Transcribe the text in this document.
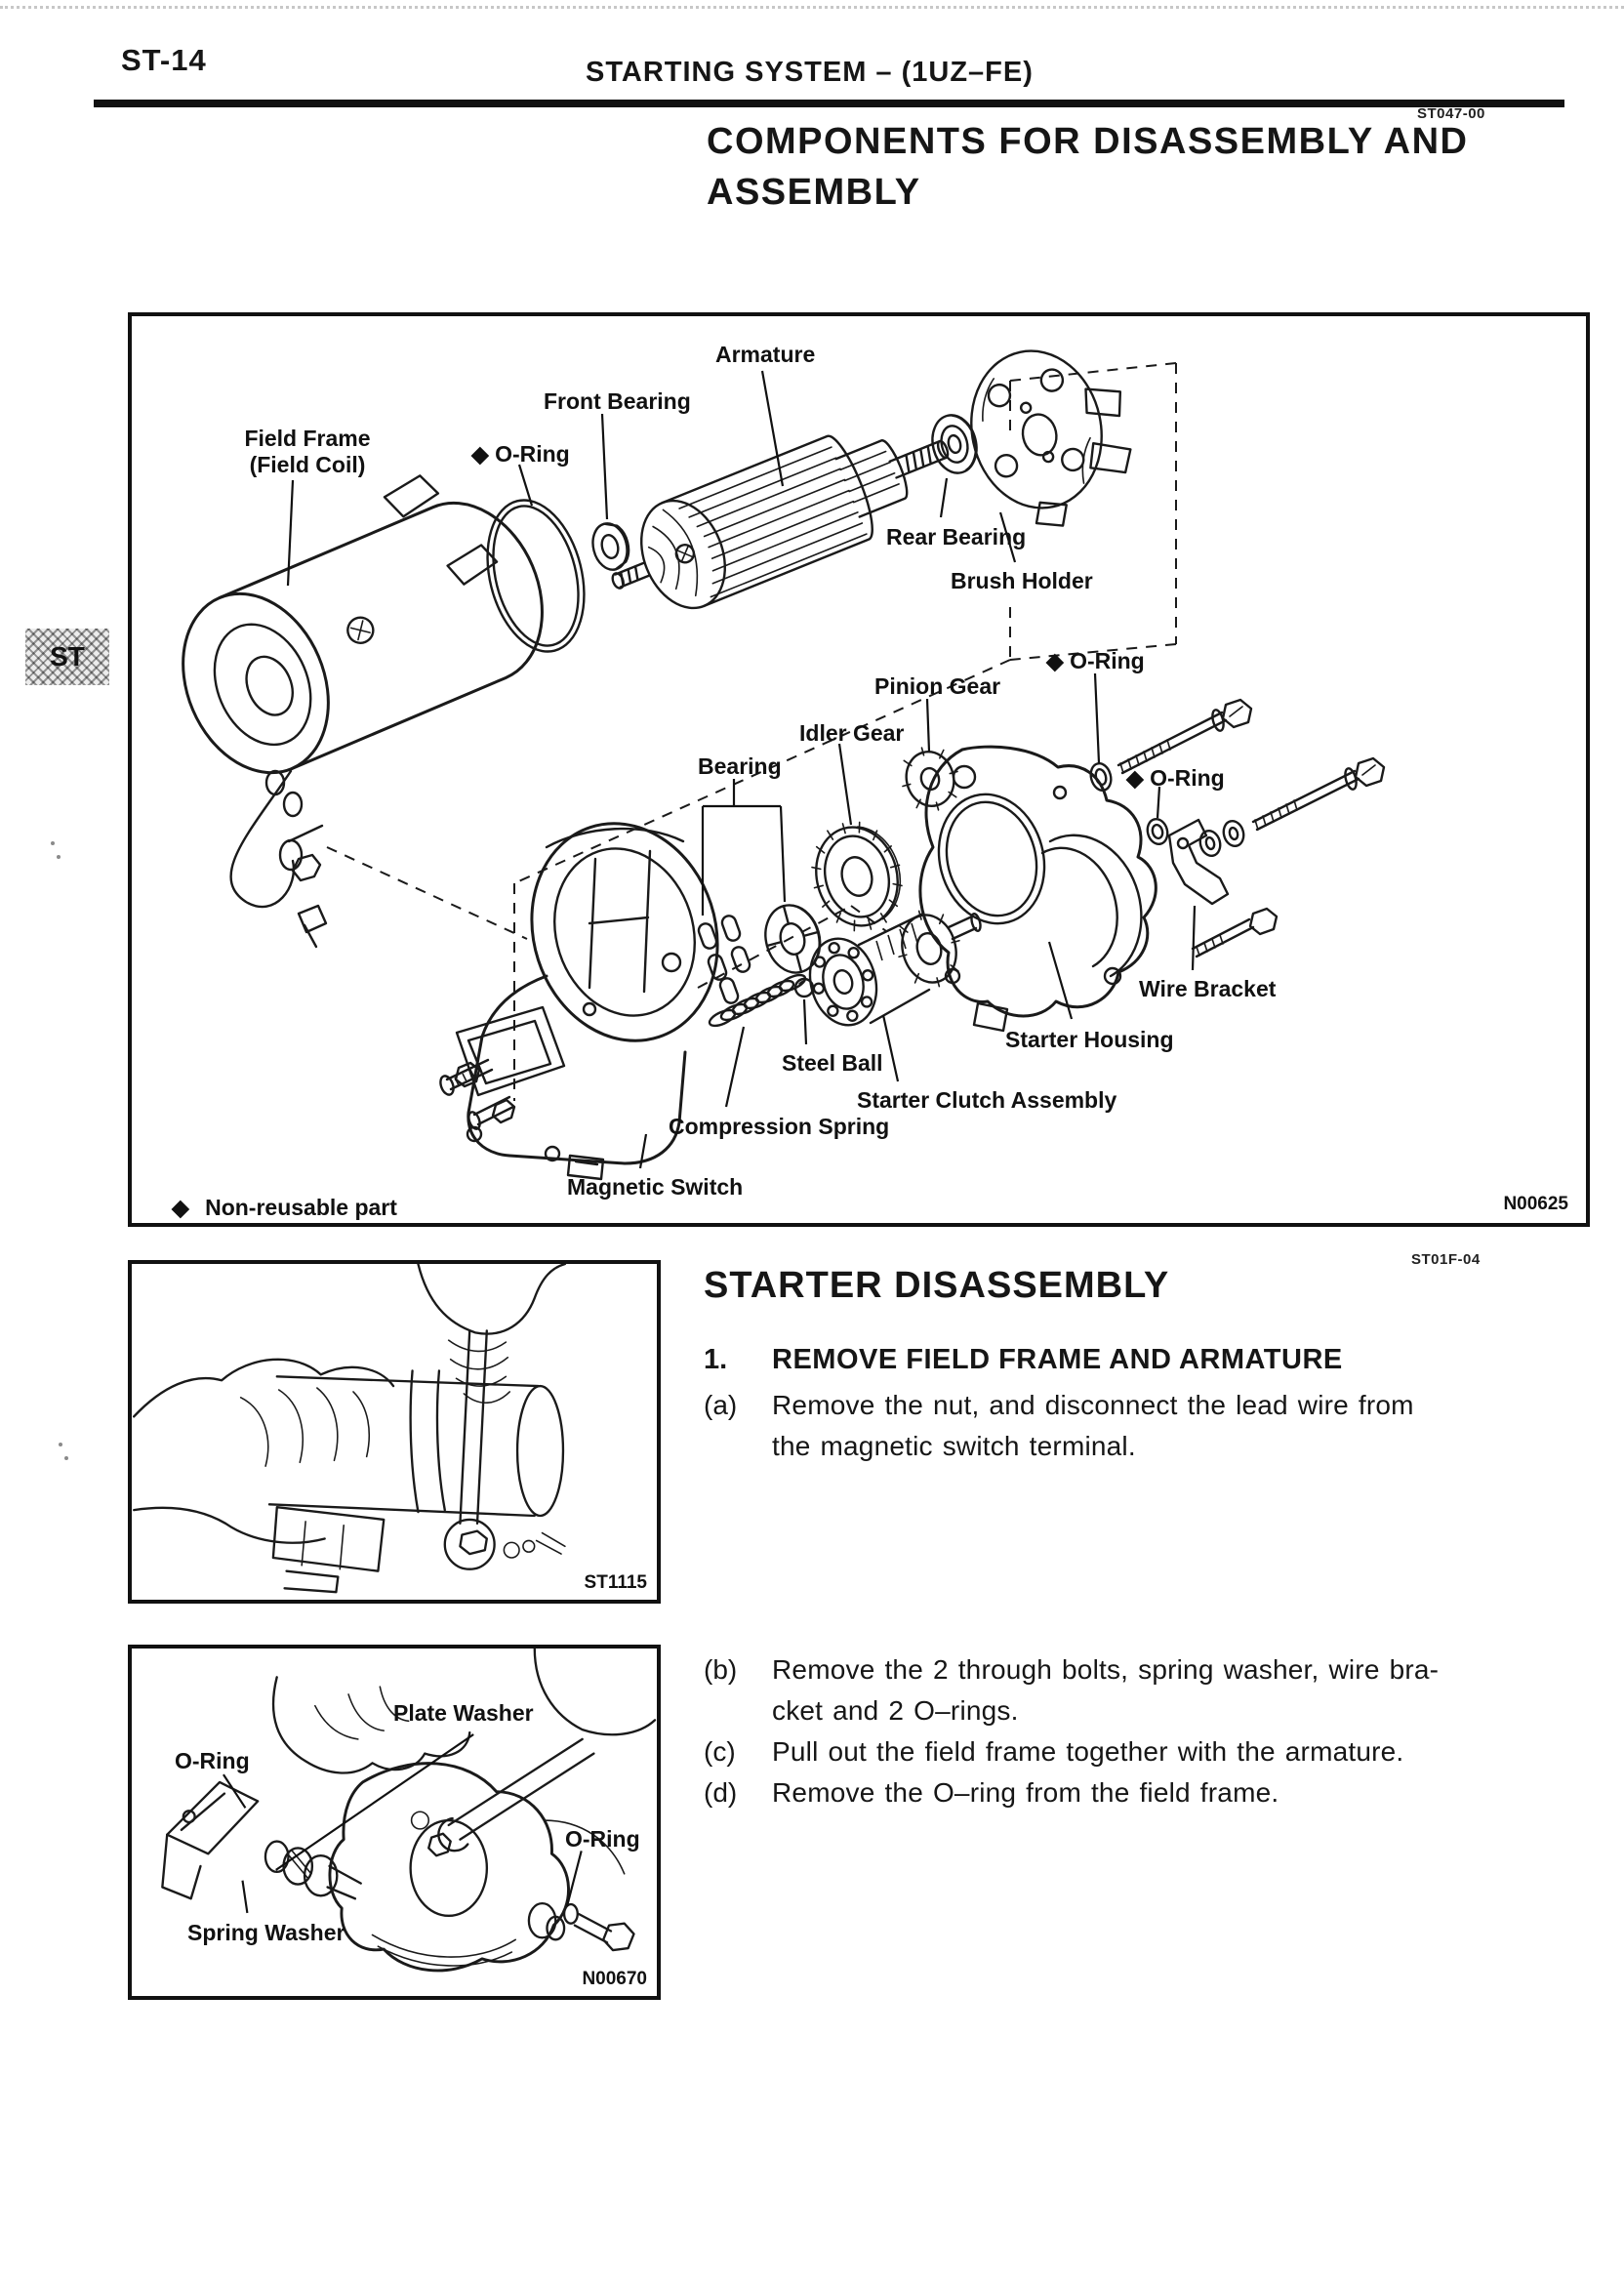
ST-14	STARTING SYSTEM – (1UZ–FE)
ST047-00
COMPONENTS FOR DISASSEMBLY AND
ASSEMBLY
ST
Armature
Front Bearing
Field Frame
(Field Coil)	◆ O-Ring
Rear Bearing
Brush Holder
◆ O-Ring
Pinion Gear
Idler Gear
Bearing	◆ O-Ring
Wire Bracket
Starter Housing
Steel Ball
Starter Clutch Assembly
Compression Spring
Magnetic Switch
◆ Non-reusable part	N00625
ST01F-04
STARTER DISASSEMBLY
1. REMOVE FIELD FRAME AND ARMATURE
(a) Remove the nut, and disconnect the lead wire from
the magnetic switch terminal.
(b) Remove the 2 through bolts, spring washer, wire bra-
cket and 2 O–rings.
(c) Pull out the field frame together with the armature.
(d) Remove the O–ring from the field frame.
ST1115
Plate Washer
O-Ring
O-Ring
Spring Washer
N00670
